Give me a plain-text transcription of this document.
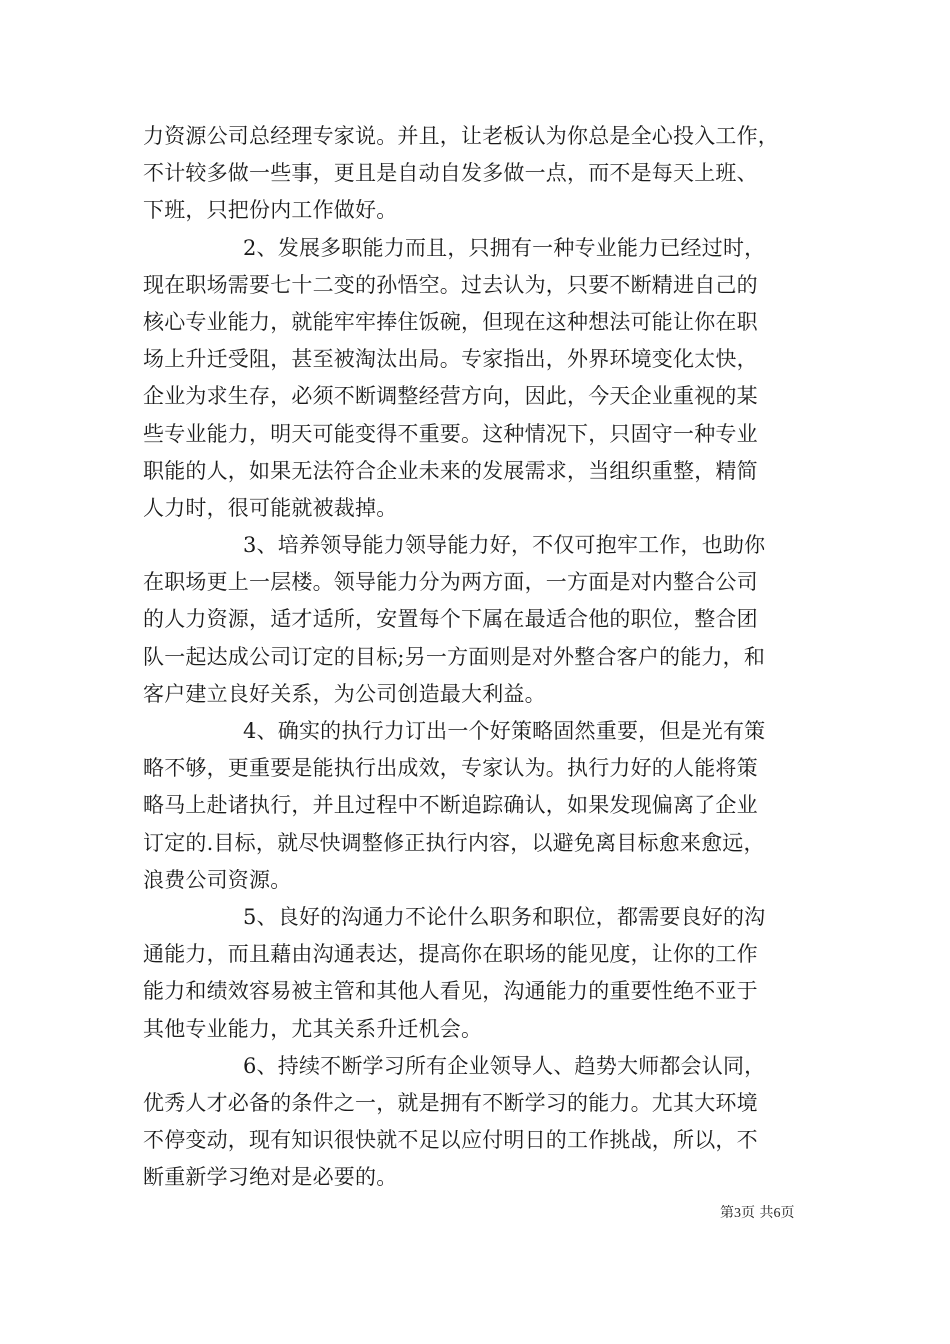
力资源公司总经理专家说。并且，让老板认为你总是全心投入工作，
不计较多做一些事，更且是自动自发多做一点，而不是每天上班、
下班，只把份内工作做好。
2、发展多职能力而且，只拥有一种专业能力已经过时，
现在职场需要七十二变的孙悟空。过去认为，只要不断精进自己的
核心专业能力，就能牢牢捧住饭碗，但现在这种想法可能让你在职
场上升迁受阻，甚至被淘汰出局。专家指出，外界环境变化太快，
企业为求生存，必须不断调整经营方向，因此，今天企业重视的某
些专业能力，明天可能变得不重要。这种情况下，只固守一种专业
职能的人，如果无法符合企业未来的发展需求，当组织重整，精简
人力时，很可能就被裁掉。
3、培养领导能力领导能力好，不仅可抱牢工作，也助你
在职场更上一层楼。领导能力分为两方面，一方面是对内整合公司
的人力资源，适才适所，安置每个下属在最适合他的职位，整合团
队一起达成公司订定的目标;另一方面则是对外整合客户的能力，和
客户建立良好关系，为公司创造最大利益。
4、确实的执行力订出一个好策略固然重要，但是光有策
略不够，更重要是能执行出成效，专家认为。执行力好的人能将策
略马上赴诸执行，并且过程中不断追踪确认，如果发现偏离了企业
订定的.目标，就尽快调整修正执行内容，以避免离目标愈来愈远，
浪费公司资源。
5、良好的沟通力不论什么职务和职位，都需要良好的沟
通能力，而且藉由沟通表达，提高你在职场的能见度，让你的工作
能力和绩效容易被主管和其他人看见，沟通能力的重要性绝不亚于
其他专业能力，尤其关系升迁机会。
6、持续不断学习所有企业领导人、趋势大师都会认同，
优秀人才必备的条件之一，就是拥有不断学习的能力。尤其大环境
不停变动，现有知识很快就不足以应付明日的工作挑战，所以，不
断重新学习绝对是必要的。
第3页 共6页
